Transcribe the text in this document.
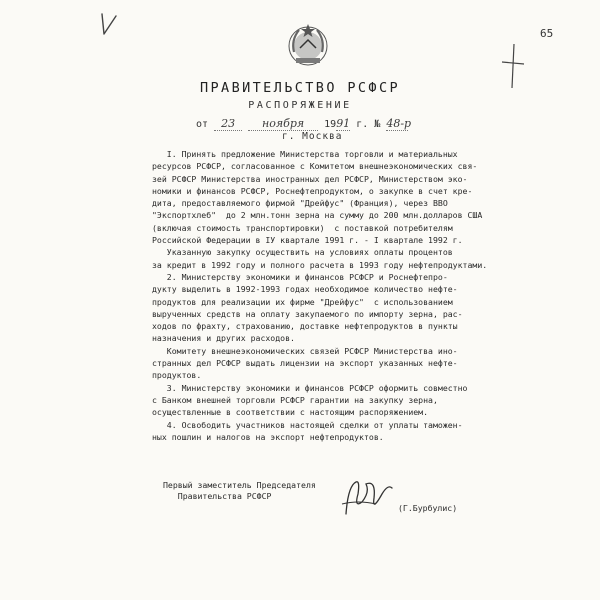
65
ПРАВИТЕЛЬСТВО РСФСР
РАСПОРЯЖЕНИЕ
от 23 ноября 1991 г. № 48-р
г. Москва

I. Принять предложение Министерства торговли и материальных

ресурсов РСФСР, согласованное с Комитетом внешнеэкономических свя-

зей РСФСР Министерства иностранных дел РСФСР, Министерством эко-

номики и финансов РСФСР, Роснефтепродуктом, о закупке в счет кре-

дита, предоставляемого фирмой "Дрейфус" (Франция), через ВВО

"Экспортхлеб"  до 2 млн.тонн зерна на сумму до 200 млн.долларов США

(включая стоимость транспортировки)  с поставкой потребителям

Российской Федерации в IУ квартале 1991 г. - I квартале 1992 г.

Указанную закупку осуществить на условиях оплаты процентов

за кредит в 1992 году и полного расчета в 1993 году нефтепродуктами.

2. Министерству экономики и финансов РСФСР и Роснефтепро-

дукту выделить в 1992-1993 годах необходимое количество нефте-

продуктов для реализации их фирме "Дрейфус"  с использованием

вырученных средств на оплату закупаемого по импорту зерна, рас-

ходов по фрахту, страхованию, доставке нефтепродуктов в пункты

назначения и других расходов.

Комитету внешнеэкономических связей РСФСР Министерства ино-

странных дел РСФСР выдать лицензии на экспорт указанных нефте-

продуктов.

3. Министерству экономики и финансов РСФСР оформить совместно

с Банком внешней торговли РСФСР гарантии на закупку зерна,

осуществленные в соответствии с настоящим распоряжением.

4. Освободить участников настоящей сделки от уплаты таможен-

ных пошлин и налогов на экспорт нефтепродуктов.

Первый заместитель Председателя
Правительства РСФСР
(Г.Бурбулис)
